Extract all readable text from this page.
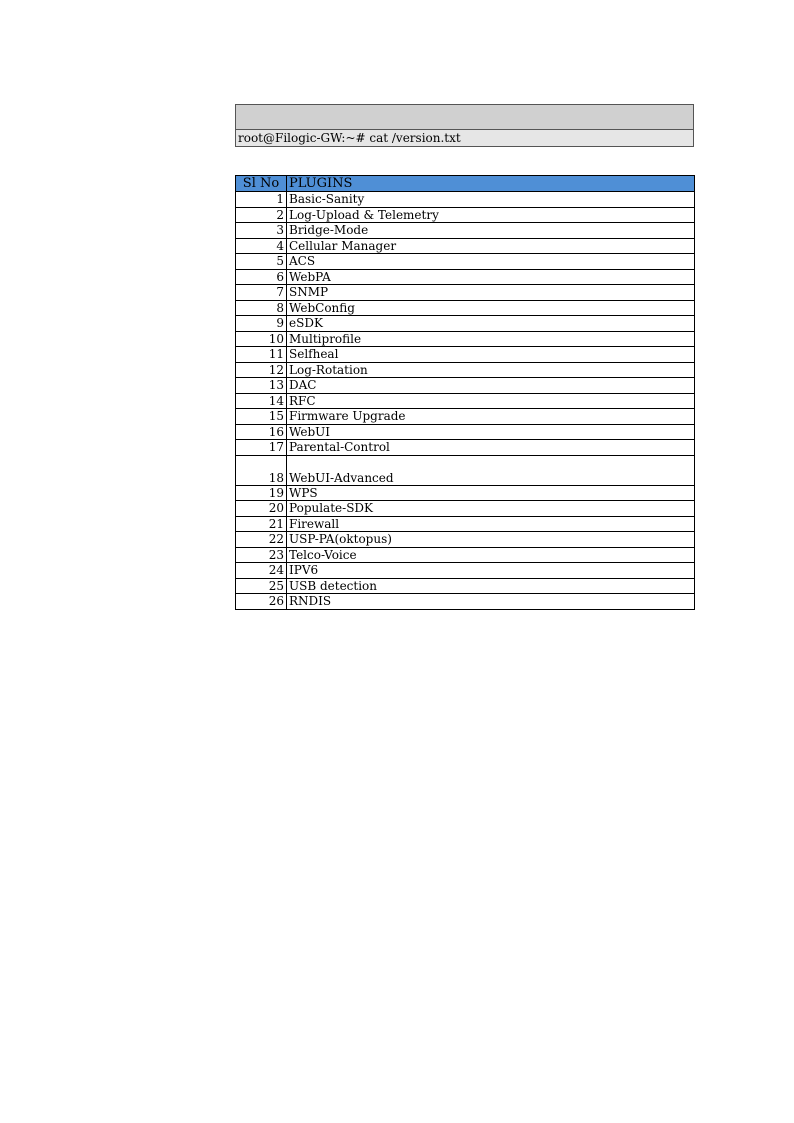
root@Filogic-GW:~# cat /version.txt
Sl No	PLUGINS
1	Basic-Sanity
2	Log-Upload & Telemetry
3	Bridge-Mode
4	Cellular Manager
5	ACS
6	WebPA
7	SNMP
8	WebConfig
9	eSDK
10	Multiprofile
11	Selfheal
12	Log-Rotation
13	DAC
14	RFC
15	Firmware Upgrade
16	WebUI
17	Parental-Control
18	WebUI-Advanced
19	WPS
20	Populate-SDK
21	Firewall
22	USP-PA(oktopus)
23	Telco-Voice
24	IPV6
25	USB detection
26	RNDIS
